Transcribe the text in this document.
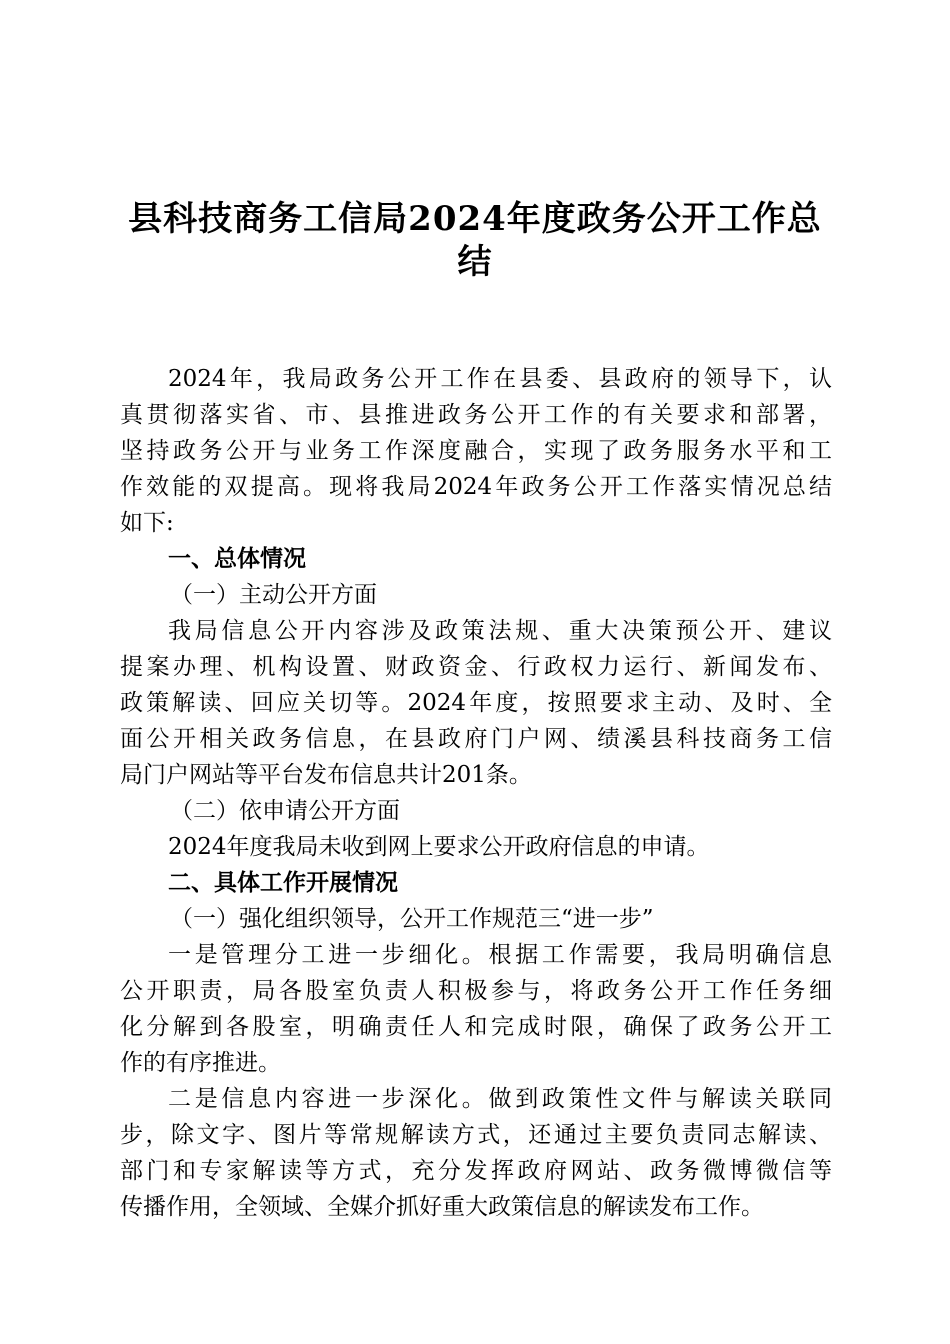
县科技商务工信局2024年度政务公开工作总
结
2024年，我局政务公开工作在县委、县政府的领导下，认
真贯彻落实省、市、县推进政务公开工作的有关要求和部署，
坚持政务公开与业务工作深度融合，实现了政务服务水平和工
作效能的双提高。现将我局2024年政务公开工作落实情况总结
如下:
一、总体情况
（一）主动公开方面
我局信息公开内容涉及政策法规、重大决策预公开、建议
提案办理、机构设置、财政资金、行政权力运行、新闻发布、
政策解读、回应关切等。2024年度，按照要求主动、及时、全
面公开相关政务信息，在县政府门户网、绩溪县科技商务工信
局门户网站等平台发布信息共计201条。
（二）依申请公开方面
2024年度我局未收到网上要求公开政府信息的申请。
二、具体工作开展情况
（一）强化组织领导，公开工作规范三“进一步”
一是管理分工进一步细化。根据工作需要，我局明确信息
公开职责，局各股室负责人积极参与，将政务公开工作任务细
化分解到各股室，明确责任人和完成时限，确保了政务公开工
作的有序推进。
二是信息内容进一步深化。做到政策性文件与解读关联同
步，除文字、图片等常规解读方式，还通过主要负责同志解读、
部门和专家解读等方式，充分发挥政府网站、政务微博微信等
传播作用，全领域、全媒介抓好重大政策信息的解读发布工作。
